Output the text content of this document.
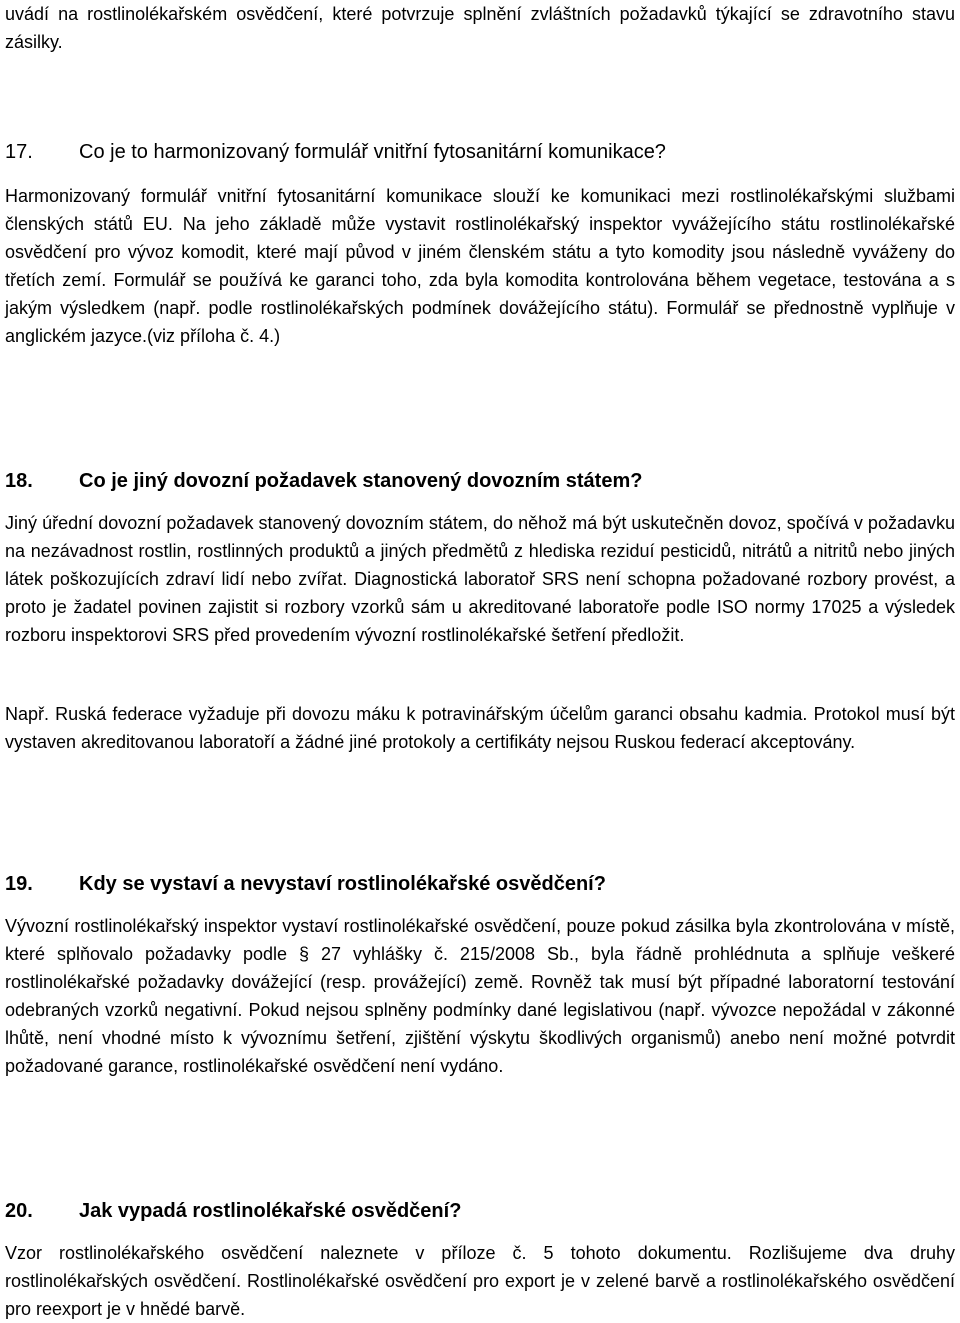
uvádí na rostlinolékařském osvědčení, které potvrzuje splnění zvláštních požadavků týkající se zdravotního stavu zásilky.

17. Co je to harmonizovaný formulář vnitřní fytosanitární komunikace?

Harmonizovaný formulář vnitřní fytosanitární komunikace slouží ke komunikaci mezi rostlinolékařskými službami členských států EU. Na jeho základě může vystavit rostlinolékařský inspektor vyvážejícího státu rostlinolékařské osvědčení pro vývoz komodit, které mají původ v jiném členském státu a tyto komodity jsou následně vyváženy do třetích zemí. Formulář se používá ke garanci toho, zda byla komodita kontrolována během vegetace, testována a s jakým výsledkem (např. podle rostlinolékařských podmínek dovážejícího státu). Formulář se přednostně vyplňuje v anglickém jazyce.(viz příloha č. 4.)

18. Co je jiný dovozní požadavek stanovený dovozním státem?

Jiný úřední dovozní požadavek stanovený dovozním státem, do něhož má být uskutečněn dovoz, spočívá v požadavku na nezávadnost rostlin, rostlinných produktů a jiných předmětů z hlediska reziduí pesticidů, nitrátů a nitritů nebo jiných látek poškozujících zdraví lidí nebo zvířat. Diagnostická laboratoř SRS není schopna požadované rozbory provést, a proto je žadatel povinen zajistit si rozbory vzorků sám u akreditované laboratoře podle ISO normy 17025 a výsledek rozboru inspektorovi SRS před provedením vývozní rostlinolékařské šetření předložit.

Např. Ruská federace vyžaduje při dovozu máku k potravinářským účelům garanci obsahu kadmia. Protokol musí být vystaven akreditovanou laboratoří a žádné jiné protokoly a certifikáty nejsou Ruskou federací akceptovány.

19. Kdy se vystaví a nevystaví rostlinolékařské osvědčení?

Vývozní rostlinolékařský inspektor vystaví rostlinolékařské osvědčení, pouze pokud zásilka byla zkontrolována v místě, které splňovalo požadavky podle § 27 vyhlášky č. 215/2008 Sb., byla řádně prohlédnuta a splňuje veškeré rostlinolékařské požadavky dovážející (resp. provážející) země. Rovněž tak musí být případné laboratorní testování odebraných vzorků negativní. Pokud nejsou splněny podmínky dané legislativou (např. vývozce nepožádal v zákonné lhůtě, není vhodné místo k vývoznímu šetření, zjištění výskytu škodlivých organismů) anebo není možné potvrdit požadované garance, rostlinolékařské osvědčení není vydáno.

20. Jak vypadá rostlinolékařské osvědčení?

Vzor rostlinolékařského osvědčení naleznete v příloze č. 5 tohoto dokumentu. Rozlišujeme dva druhy rostlinolékařských osvědčení. Rostlinolékařské osvědčení pro export je v zelené barvě a rostlinolékařského osvědčení pro reexport je v hnědé barvě.
